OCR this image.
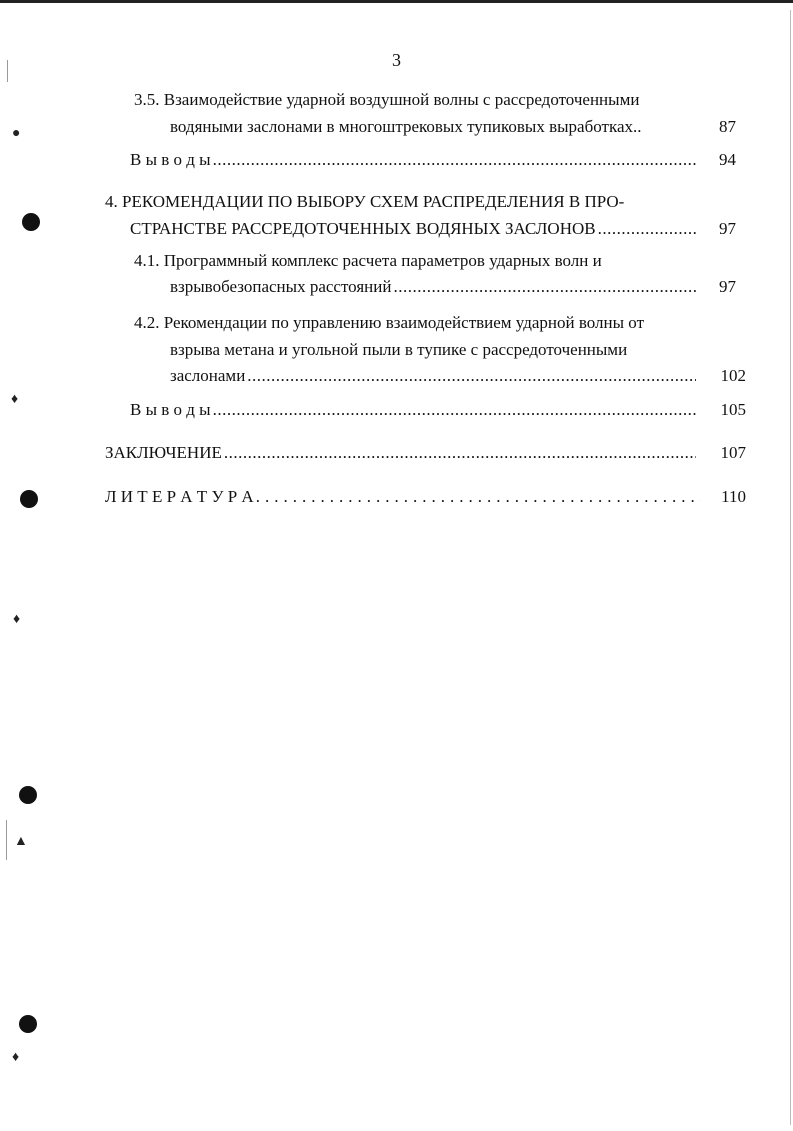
3
3.5. Взаимодействие ударной воздушной волны с рассредоточенными
водяными заслонами в многоштрековых тупиковых выработках..	87
В ы в о д ы .....	94
4. РЕКОМЕНДАЦИИ ПО ВЫБОРУ СХЕМ РАСПРЕДЕЛЕНИЯ В ПРО-
СТРАНСТВЕ РАССРЕДОТОЧЕННЫХ ВОДЯНЫХ ЗАСЛОНОВ .....	97
4.1. Программный комплекс расчета параметров ударных волн и
взрывобезопасных расстояний .....	97
4.2. Рекомендации по управлению взаимодействием ударной волны от
взрыва метана и угольной пыли в тупике с рассредоточенными
заслонами .....	102
В ы в о д ы .....	105
ЗАКЛЮЧЕНИЕ .....	107
Л И Т Е Р А Т У Р А .....	110
●
♦
♦
▲
♦
